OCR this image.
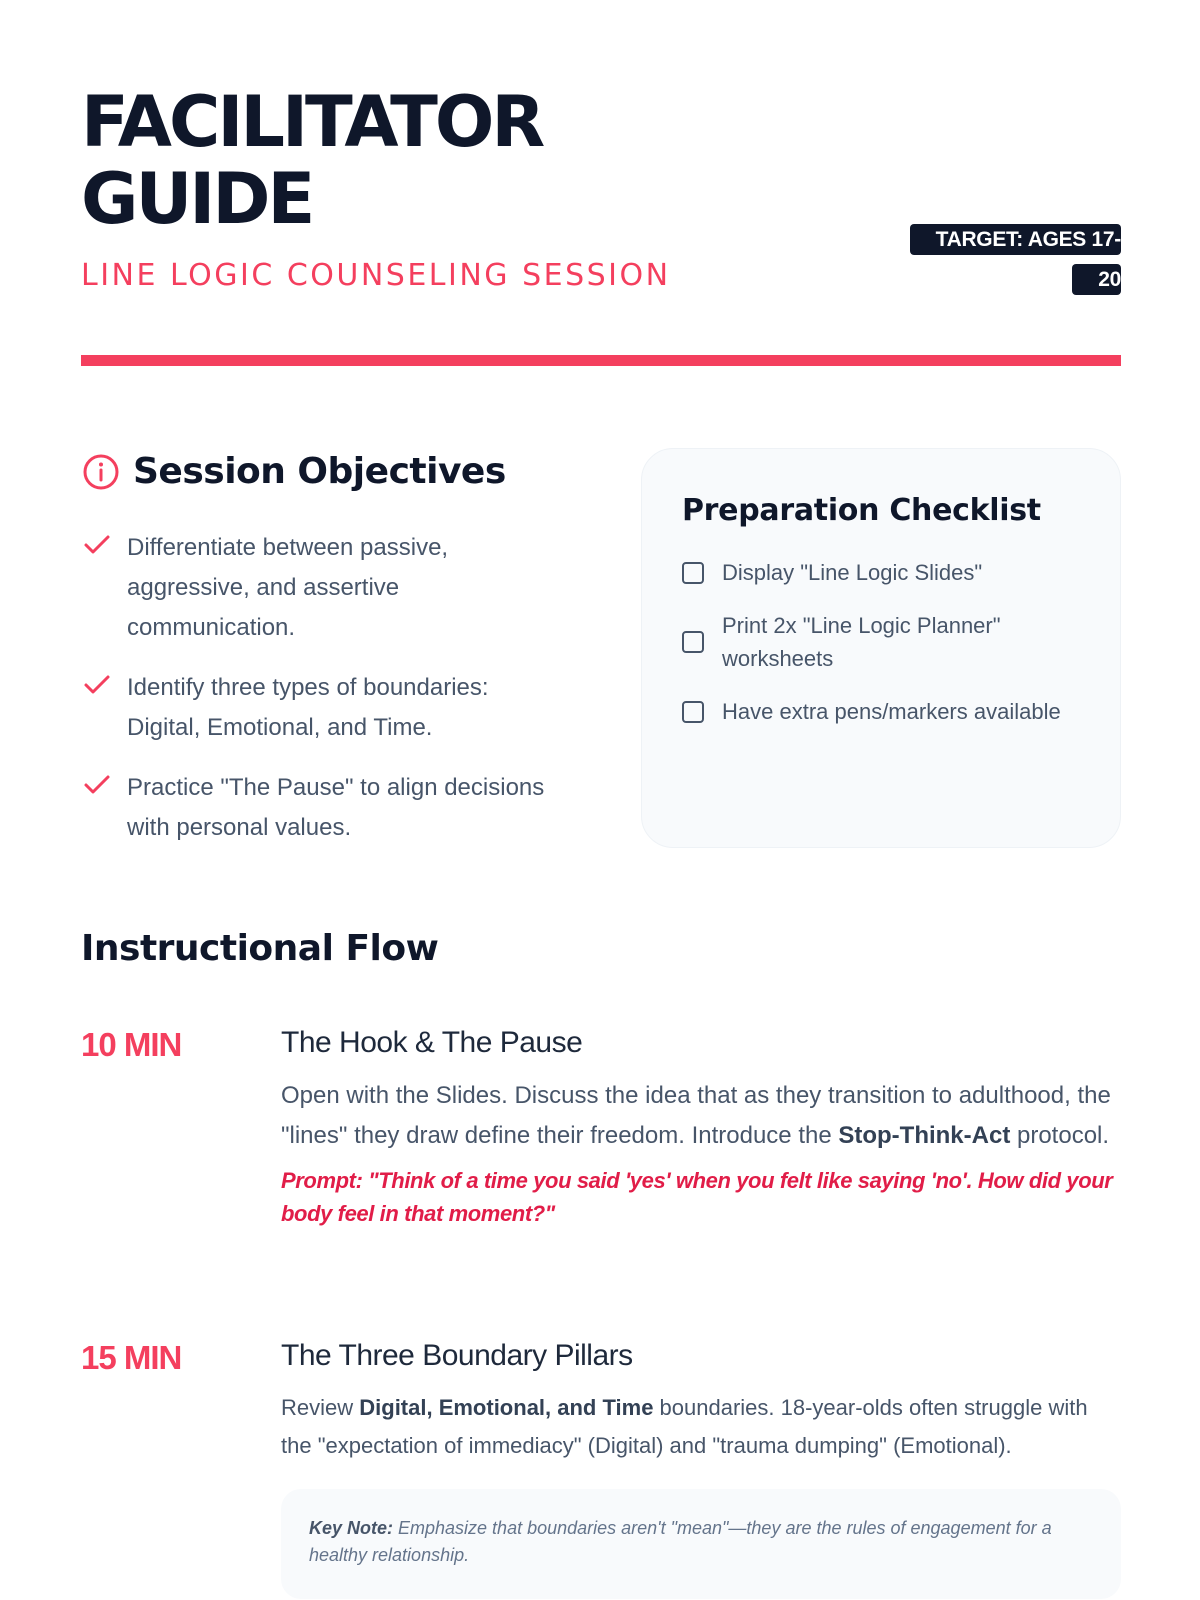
FACILITATOR
GUIDE
LINE LOGIC COUNSELING SESSION
TARGET: AGES 17-20
Session Objectives
Differentiate between passive, aggressive, and assertive communication.
Identify three types of boundaries: Digital, Emotional, and Time.
Practice "The Pause" to align decisions with personal values.
Preparation Checklist
Display "Line Logic Slides"
Print 2x "Line Logic Planner" worksheets
Have extra pens/markers available
Instructional Flow
10 MIN	The Hook & The Pause

Open with the Slides. Discuss the idea that as they transition to adulthood, the "lines" they draw define their freedom. Introduce the Stop-Think-Act protocol.

Prompt: "Think of a time you said 'yes' when you felt like saying 'no'. How did your body feel in that moment?"

15 MIN	The Three Boundary Pillars

Review Digital, Emotional, and Time boundaries. 18-year-olds often struggle with the "expectation of immediacy" (Digital) and "trauma dumping" (Emotional).

Key Note: Emphasize that boundaries aren't "mean"—they are the rules of engagement for a healthy relationship.
